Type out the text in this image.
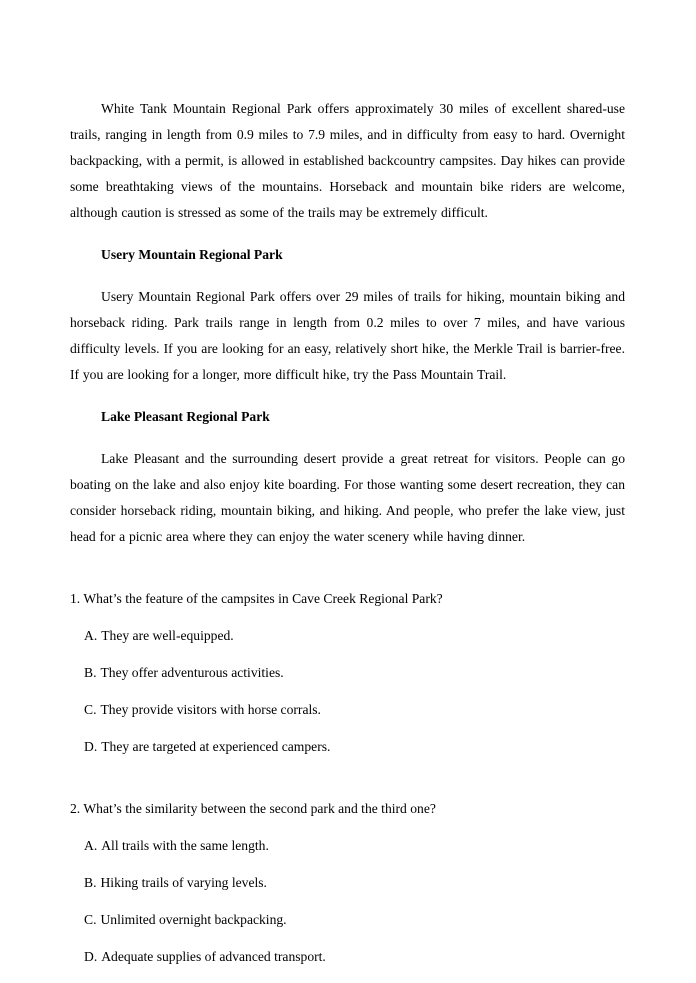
White Tank Mountain Regional Park offers approximately 30 miles of excellent shared-use trails, ranging in length from 0.9 miles to 7.9 miles, and in difficulty from easy to hard. Overnight backpacking, with a permit, is allowed in established backcountry campsites. Day hikes can provide some breathtaking views of the mountains. Horseback and mountain bike riders are welcome, although caution is stressed as some of the trails may be extremely difficult.

Usery Mountain Regional Park

Usery Mountain Regional Park offers over 29 miles of trails for hiking, mountain biking and horseback riding. Park trails range in length from 0.2 miles to over 7 miles, and have various difficulty levels. If you are looking for an easy, relatively short hike, the Merkle Trail is barrier-free. If you are looking for a longer, more difficult hike, try the Pass Mountain Trail.

Lake Pleasant Regional Park

Lake Pleasant and the surrounding desert provide a great retreat for visitors. People can go boating on the lake and also enjoy kite boarding. For those wanting some desert recreation, they can consider horseback riding, mountain biking, and hiking. And people, who prefer the lake view, just head for a picnic area where they can enjoy the water scenery while having dinner.

1. What’s the feature of the campsites in Cave Creek Regional Park?

A. They are well-equipped.
B. They offer adventurous activities.
C. They provide visitors with horse corrals.
D. They are targeted at experienced campers.

2. What’s the similarity between the second park and the third one?

A. All trails with the same length.
B. Hiking trails of varying levels.
C. Unlimited overnight backpacking.
D. Adequate supplies of advanced transport.
